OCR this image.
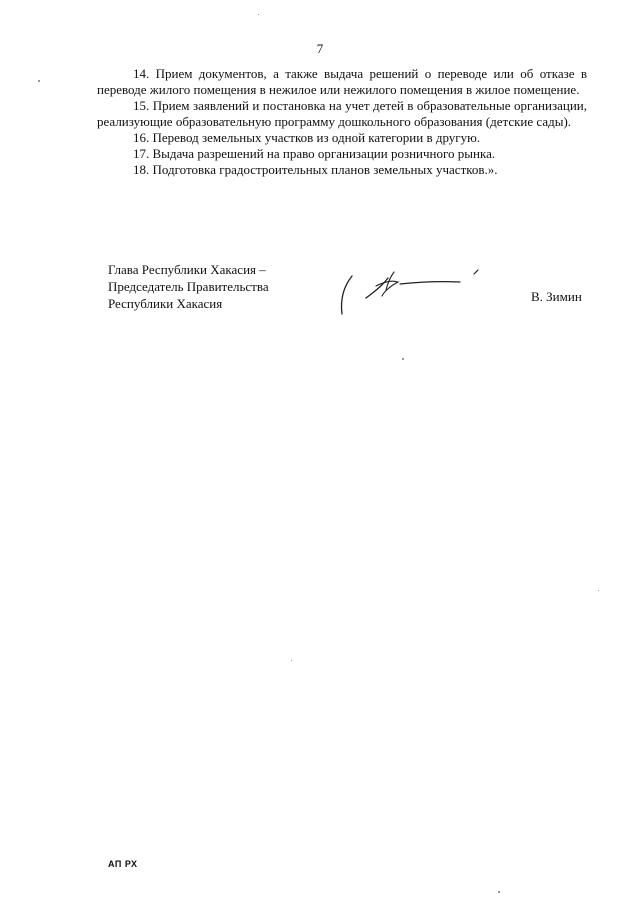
7

14. Прием документов, а также выдача решений о переводе или об отказе в переводе жилого помещения в нежилое или нежилого помещения в жилое помещение.

15. Прием заявлений и постановка на учет детей в образовательные организации, реализующие образовательную программу дошкольного образования (детские сады).

16. Перевод земельных участков из одной категории в другую.

17. Выдача разрешений на право организации розничного рынка.

18. Подготовка градостроительных планов земельных участков.».

Глава Республики Хакасия –
Председатель Правительства
Республики Хакасия	В. Зимин
АП РХ
